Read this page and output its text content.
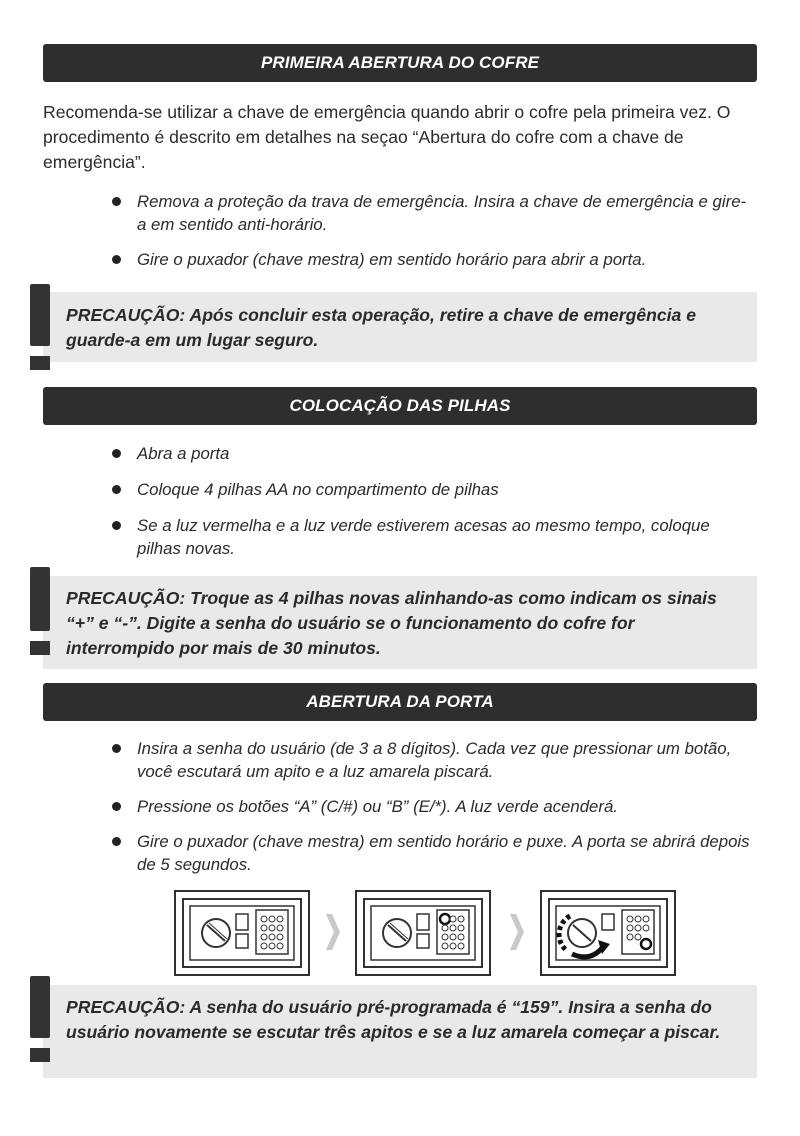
PRIMEIRA ABERTURA DO COFRE

Recomenda-se utilizar a chave de emergência quando abrir o cofre pela primeira vez. O procedimento é descrito em detalhes na seçao “Abertura do cofre com a chave de emergência”.

Remova a proteção da trava de emergência. Insira a chave de emergência e gire-a em sentido anti-horário.
Gire o puxador (chave mestra) em sentido horário para abrir a porta.

PRECAUÇÃO: Após concluir esta operação, retire a chave de emergência e guarde-a em um lugar seguro.

COLOCAÇÃO DAS PILHAS
Abra a porta
Coloque 4 pilhas AA no compartimento de pilhas
Se a luz vermelha e a luz verde estiverem acesas ao mesmo tempo, coloque pilhas novas.

PRECAUÇÃO: Troque as 4 pilhas novas alinhando-as como indicam os sinais “+” e “-”. Digite a senha do usuário se o funcionamento do cofre for interrompido por mais de 30 minutos.

ABERTURA DA PORTA
Insira a senha do usuário (de 3 a 8 dígitos). Cada vez que pressionar um botão, você escutará um apito e a luz amarela piscará.
Pressione os botões “A” (C/#) ou “B” (E/*). A luz verde acenderá.
Gire o puxador (chave mestra) em sentido horário e puxe. A porta se abrirá depois de 5 segundos.

PRECAUÇÃO: A senha do usuário pré-programada é “159”. Insira a senha do usuário novamente se escutar três apitos e se a luz amarela começar a piscar.
